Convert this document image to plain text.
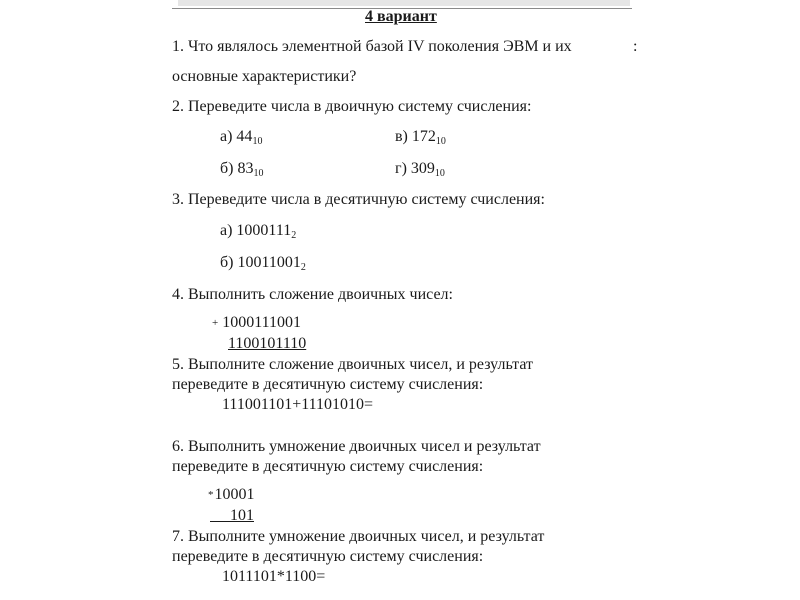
4 вариант
:
1. Что являлось элементной базой IV поколения ЭВМ и их
основные характеристики?
2. Переведите числа в двоичную систему счисления:
а) $44_{10}$	в) $172_{10}$
б) $83_{10}$	г) $309_{10}$
3. Переведите числа в десятичную систему счисления:
а) $1000111_2$
б) $10011001_2$
4. Выполнить сложение двоичных чисел:
+ 1000111001
1100101110
5. Выполните сложение двоичных чисел, и результат
переведите в десятичную систему счисления:
111001101+11101010=
6. Выполнить умножение двоичных чисел и результат
переведите в десятичную систему счисления:
*10001
101
7. Выполните умножение двоичных чисел, и результат
переведите в десятичную систему счисления:
1011101*1100=
